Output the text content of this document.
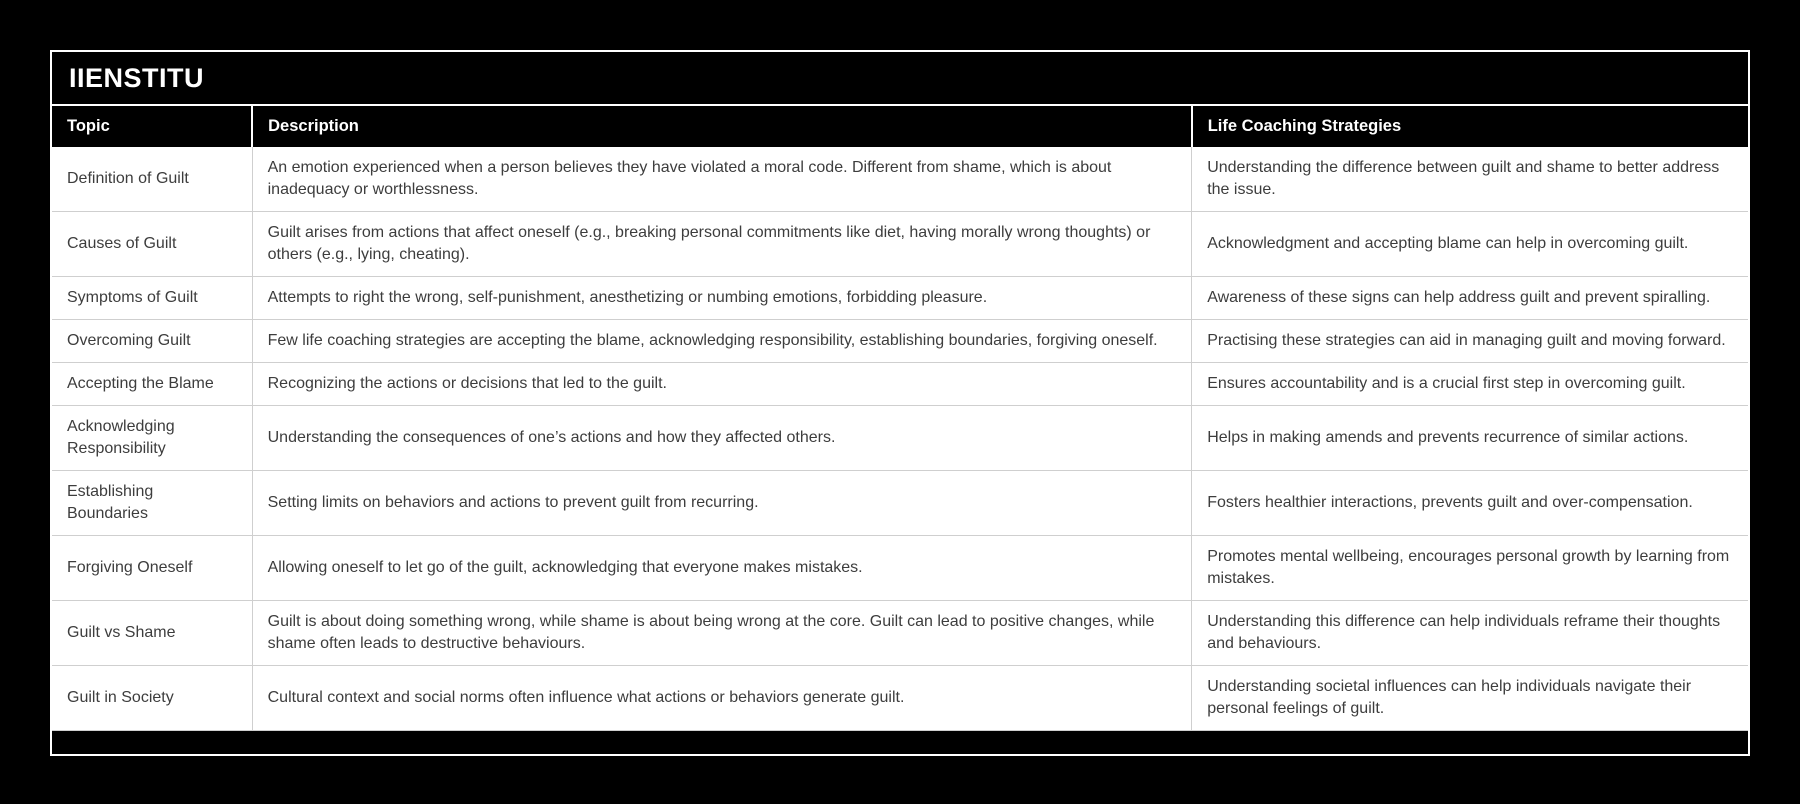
IIENSTITU
Topic	Description	Life Coaching Strategies
Definition of Guilt	An emotion experienced when a person believes they have violated a moral code. Different from shame, which is about inadequacy or worthlessness.	Understanding the difference between guilt and shame to better address the issue.
Causes of Guilt	Guilt arises from actions that affect oneself (e.g., breaking personal commitments like diet, having morally wrong thoughts) or others (e.g., lying, cheating).	Acknowledgment and accepting blame can help in overcoming guilt.
Symptoms of Guilt	Attempts to right the wrong, self-punishment, anesthetizing or numbing emotions, forbidding pleasure.	Awareness of these signs can help address guilt and prevent spiralling.
Overcoming Guilt	Few life coaching strategies are accepting the blame, acknowledging responsibility, establishing boundaries, forgiving oneself.	Practising these strategies can aid in managing guilt and moving forward.
Accepting the Blame	Recognizing the actions or decisions that led to the guilt.	Ensures accountability and is a crucial first step in overcoming guilt.
Acknowledging Responsibility	Understanding the consequences of one’s actions and how they affected others.	Helps in making amends and prevents recurrence of similar actions.
Establishing Boundaries	Setting limits on behaviors and actions to prevent guilt from recurring.	Fosters healthier interactions, prevents guilt and over-compensation.
Forgiving Oneself	Allowing oneself to let go of the guilt, acknowledging that everyone makes mistakes.	Promotes mental wellbeing, encourages personal growth by learning from mistakes.
Guilt vs Shame	Guilt is about doing something wrong, while shame is about being wrong at the core. Guilt can lead to positive changes, while shame often leads to destructive behaviours.	Understanding this difference can help individuals reframe their thoughts and behaviours.
Guilt in Society	Cultural context and social norms often influence what actions or behaviors generate guilt.	Understanding societal influences can help individuals navigate their personal feelings of guilt.
